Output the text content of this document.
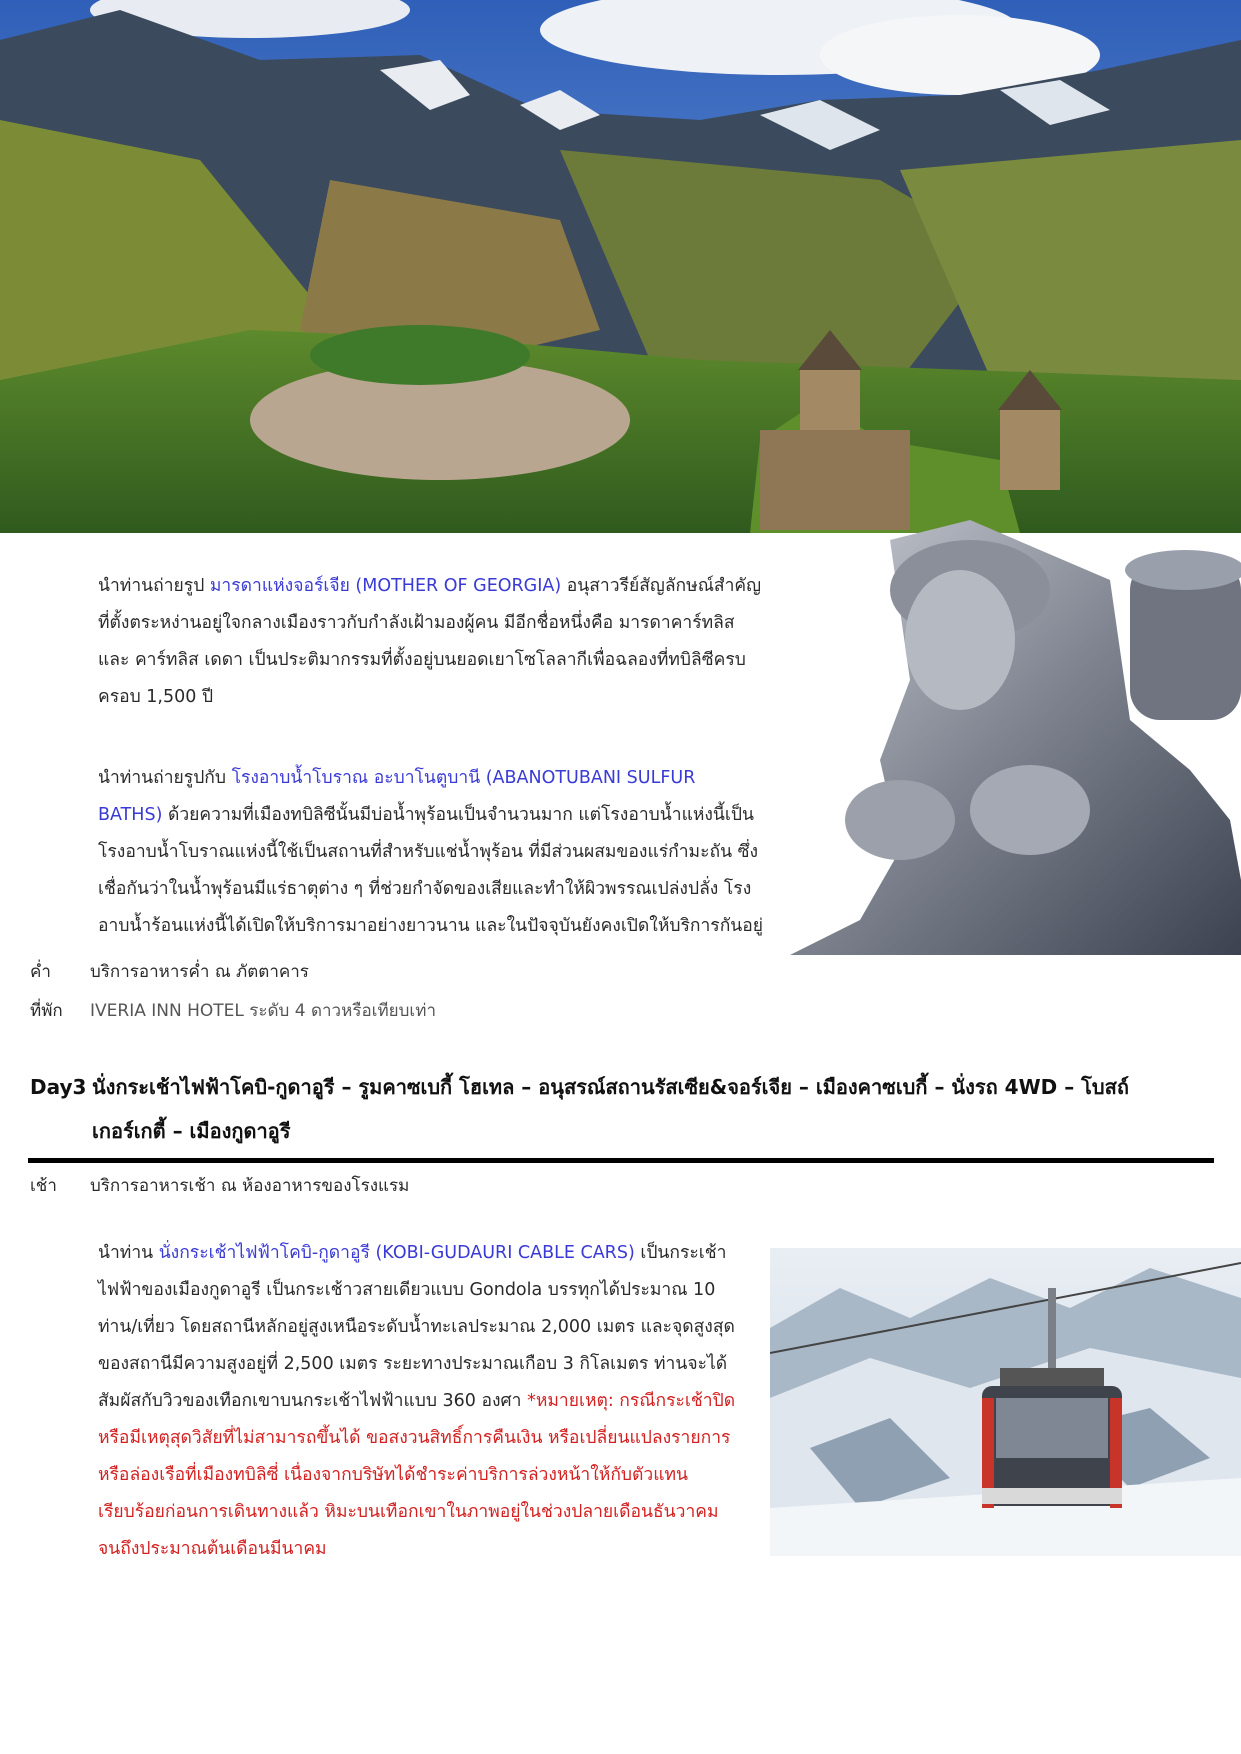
นำท่านถ่ายรูป มารดาแห่งจอร์เจีย (MOTHER OF GEORGIA) อนุสาวรีย์สัญลักษณ์สำคัญ
ที่ตั้งตระหง่านอยู่ใจกลางเมืองราวกับกำลังเฝ้ามองผู้คน มีอีกชื่อหนึ่งคือ มารดาคาร์ทลิส
และ คาร์ทลิส เดดา เป็นประติมากรรมที่ตั้งอยู่บนยอดเยาโซโลลากีเพื่อฉลองที่ทบิลิซีครบ
ครอบ 1,500 ปี
นำท่านถ่ายรูปกับ โรงอาบน้ำโบราณ อะบาโนตูบานี (ABANOTUBANI SULFUR
BATHS) ด้วยความที่เมืองทบิลิซีนั้นมีบ่อน้ำพุร้อนเป็นจำนวนมาก แต่โรงอาบน้ำแห่งนี้เป็น
โรงอาบน้ำโบราณแห่งนี้ใช้เป็นสถานที่สำหรับแช่น้ำพุร้อน ที่มีส่วนผสมของแร่กำมะถัน ซึ่ง
เชื่อกันว่าในน้ำพุร้อนมีแร่ธาตุต่าง ๆ ที่ช่วยกำจัดของเสียและทำให้ผิวพรรณเปล่งปลั่ง โรง
อาบน้ำร้อนแห่งนี้ได้เปิดให้บริการมาอย่างยาวนาน และในปัจจุบันยังคงเปิดให้บริการกันอยู่
ค่ำ บริการอาหารค่ำ ณ ภัตตาคาร
ที่พัก IVERIA INN HOTEL ระดับ 4 ดาวหรือเทียบเท่า
Day3 นั่งกระเช้าไฟฟ้าโคบิ-กูดาอูรี – รูมคาซเบกี้ โฮเทล – อนุสรณ์สถานรัสเซีย&จอร์เจีย – เมืองคาซเบกี้ – นั่งรถ 4WD – โบสถ์
เกอร์เกตี้ – เมืองกูดาอูรี
เช้า บริการอาหารเช้า ณ ห้องอาหารของโรงแรม
นำท่าน นั่งกระเช้าไฟฟ้าโคบิ-กูดาอูรี (KOBI-GUDAURI CABLE CARS) เป็นกระเช้า
ไฟฟ้าของเมืองกูดาอูรี เป็นกระเช้าวสายเดียวแบบ Gondola บรรทุกได้ประมาณ 10
ท่าน/เที่ยว โดยสถานีหลักอยู่สูงเหนือระดับน้ำทะเลประมาณ 2,000 เมตร และจุดสูงสุด
ของสถานีมีความสูงอยู่ที่ 2,500 เมตร ระยะทางประมาณเกือบ 3 กิโลเมตร ท่านจะได้
สัมผัสกับวิวของเทือกเขาบนกระเช้าไฟฟ้าแบบ 360 องศา *หมายเหตุ: กรณีกระเช้าปิด
หรือมีเหตุสุดวิสัยที่ไม่สามารถขึ้นได้ ขอสงวนสิทธิ์การคืนเงิน หรือเปลี่ยนแปลงรายการ
หรือล่องเรือที่เมืองทบิลิซี่ เนื่องจากบริษัทได้ชำระค่าบริการล่วงหน้าให้กับตัวแทน
เรียบร้อยก่อนการเดินทางแล้ว หิมะบนเทือกเขาในภาพอยู่ในช่วงปลายเดือนธันวาคม
จนถึงประมาณต้นเดือนมีนาคม
